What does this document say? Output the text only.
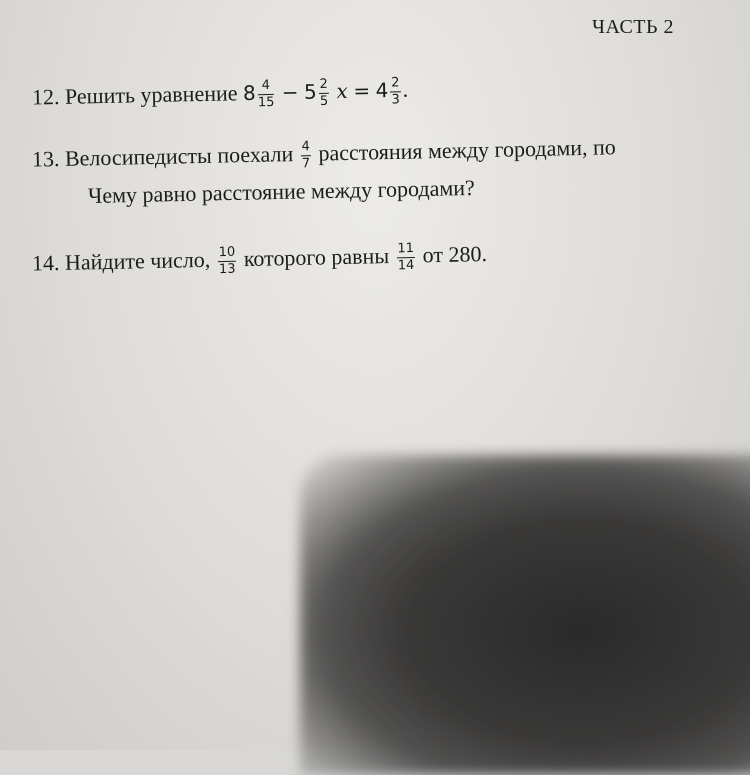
ЧАСТЬ 2
12. Решить уравнение $8 \frac{4}{15} - 5 \frac{2}{5}$ $x = 4 \frac{2}{3}$ .
13. Велосипедисты поехали $\frac{4}{7}$ расстояния между городами, по
Чему равно расстояние между городами?
14. Найдите число, $\frac{10}{13}$ которого равны $\frac{11}{14}$ от 280.
